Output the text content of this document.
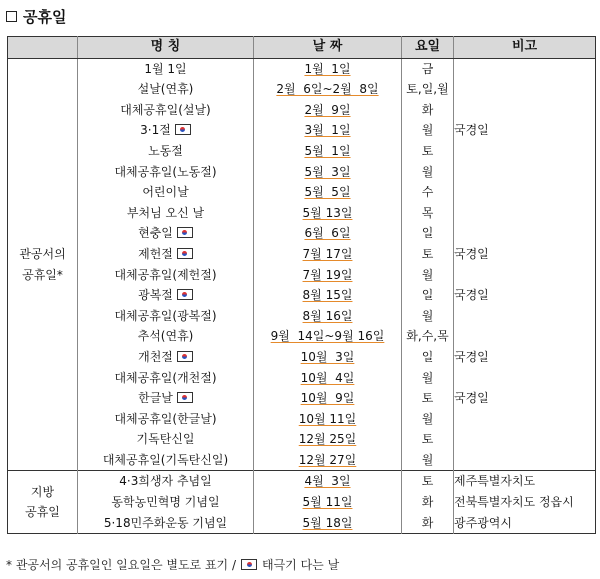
공휴일
	명 칭	날 짜	요일	비고
관공서의
공휴일*	1월 1일	1월  1일	금	
	설날(연휴)	2월  6일~2월  8일	토,일,월	
	대체공휴일(설날)	2월  9일	화	
	3·1절	3월  1일	월	국경일
	노동절	5월  1일	토	
	대체공휴일(노동절)	5월  3일	월	
	어린이날	5월  5일	수	
	부처님 오신 날	5월 13일	목	
	현충일	6월  6일	일	
	제헌절	7월 17일	토	국경일
	대체공휴일(제헌절)	7월 19일	월	
	광복절	8월 15일	일	국경일
	대체공휴일(광복절)	8월 16일	월	
	추석(연휴)	9월  14일~9월 16일	화,수,목	
	개천절	10월  3일	일	국경일
	대체공휴일(개천절)	10월  4일	월	
	한글날	10월  9일	토	국경일
	대체공휴일(한글날)	10월 11일	월	
	기독탄신일	12월 25일	토	
	대체공휴일(기독탄신일)	12월 27일	월	
지방
공휴일	4·3희생자 추념일	4월  3일	토	제주특별자치도
	동학농민혁명 기념일	5월 11일	화	전북특별자치도 정읍시
	5·18민주화운동 기념일	5월 18일	화	광주광역시
* 관공서의 공휴일인 일요일은 별도로 표기 / 태극기 다는 날
